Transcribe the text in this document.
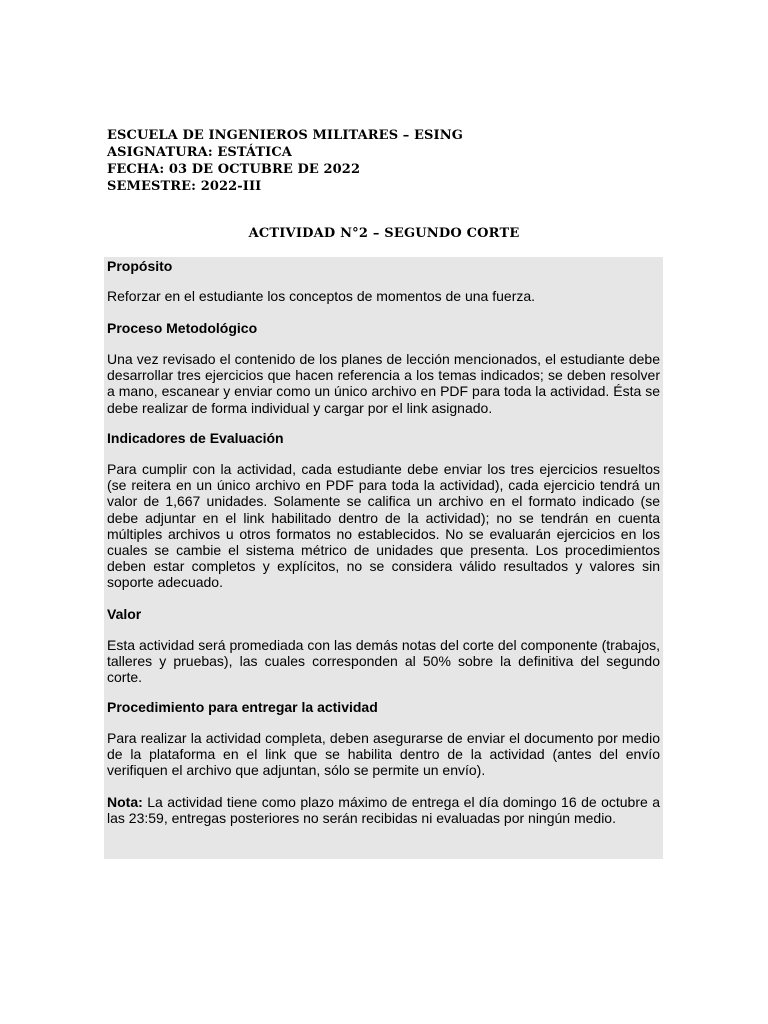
ESCUELA DE INGENIEROS MILITARES – ESING
ASIGNATURA: ESTÁTICA
FECHA: 03 DE OCTUBRE DE 2022
SEMESTRE: 2022-III
ACTIVIDAD N°2 – SEGUNDO CORTE

Propósito

Reforzar en el estudiante los conceptos de momentos de una fuerza.

Proceso Metodológico

Una vez revisado el contenido de los planes de lección mencionados, el estudiante debe desarrollar tres ejercicios que hacen referencia a los temas indicados; se deben resolver a mano, escanear y enviar como un único archivo en PDF para toda la actividad. Ésta se debe realizar de forma individual y cargar por el link asignado.

Indicadores de Evaluación

Para cumplir con la actividad, cada estudiante debe enviar los tres ejercicios resueltos (se reitera en un único archivo en PDF para toda la actividad), cada ejercicio tendrá un valor de 1,667 unidades. Solamente se califica un archivo en el formato indicado (se debe adjuntar en el link habilitado dentro de la actividad); no se tendrán en cuenta múltiples archivos u otros formatos no establecidos. No se evaluarán ejercicios en los cuales se cambie el sistema métrico de unidades que presenta. Los procedimientos deben estar completos y explícitos, no se considera válido resultados y valores sin soporte adecuado.

Valor

Esta actividad será promediada con las demás notas del corte del componente (trabajos, talleres y pruebas), las cuales corresponden al 50% sobre la definitiva del segundo corte.

Procedimiento para entregar la actividad

Para realizar la actividad completa, deben asegurarse de enviar el documento por medio de la plataforma en el link que se habilita dentro de la actividad (antes del envío verifiquen el archivo que adjuntan, sólo se permite un envío).

Nota: La actividad tiene como plazo máximo de entrega el día domingo 16 de octubre a las 23:59, entregas posteriores no serán recibidas ni evaluadas por ningún medio.
